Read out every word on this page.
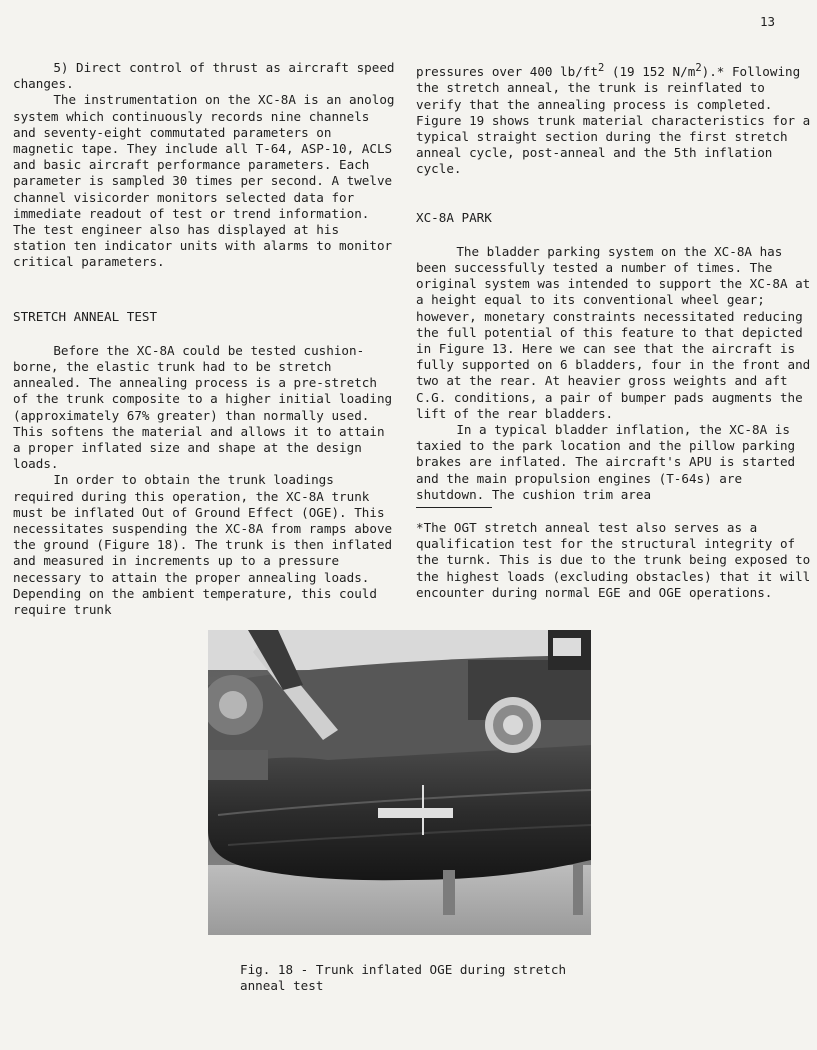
13

5) Direct control of thrust as aircraft speed changes.

The instrumentation on the XC-8A is an anolog system which continuously records nine channels and seventy-eight commutated parameters on magnetic tape. They include all T-64, ASP-10, ACLS and basic aircraft performance parameters. Each parameter is sampled 30 times per second. A twelve channel visicorder monitors selected data for immediate readout of test or trend information. The test engineer also has displayed at his station ten indicator units with alarms to monitor critical parameters.

STRETCH ANNEAL TEST

Before the XC-8A could be tested cushion-borne, the elastic trunk had to be stretch annealed. The annealing process is a pre-stretch of the trunk composite to a higher initial loading (approximately 67% greater) than normally used. This softens the material and allows it to attain a proper inflated size and shape at the design loads.

In order to obtain the trunk loadings required during this operation, the XC-8A trunk must be inflated Out of Ground Effect (OGE). This necessitates suspending the XC-8A from ramps above the ground (Figure 18). The trunk is then inflated and measured in increments up to a pressure necessary to attain the proper annealing loads. Depending on the ambient temperature, this could require trunk

pressures over 400 $lb/ft^2$ (19 152 $N/m^2).*$ Following the stretch anneal, the trunk is reinflated to verify that the annealing process is completed. Figure 19 shows trunk material characteristics for a typical straight section during the first stretch anneal cycle, post-anneal and the 5th inflation cycle.

XC-8A PARK

The bladder parking system on the XC-8A has been successfully tested a number of times. The original system was intended to support the XC-8A at a height equal to its conventional wheel gear; however, monetary constraints necessitated reducing the full potential of this feature to that depicted in Figure 13. Here we can see that the aircraft is fully supported on 6 bladders, four in the front and two at the rear. At heavier gross weights and aft C.G. conditions, a pair of bumper pads augments the lift of the rear bladders.

In a typical bladder inflation, the XC-8A is taxied to the park location and the pillow parking brakes are inflated. The aircraft's APU is started and the main propulsion engines (T-64s) are shutdown. The cushion trim area

*The OGT stretch anneal test also serves as a qualification test for the structural integrity of the turnk. This is due to the trunk being exposed to the highest loads (excluding obstacles) that it will encounter during normal EGE and OGE operations.

Fig. 18 - Trunk inflated OGE during stretch
anneal test
